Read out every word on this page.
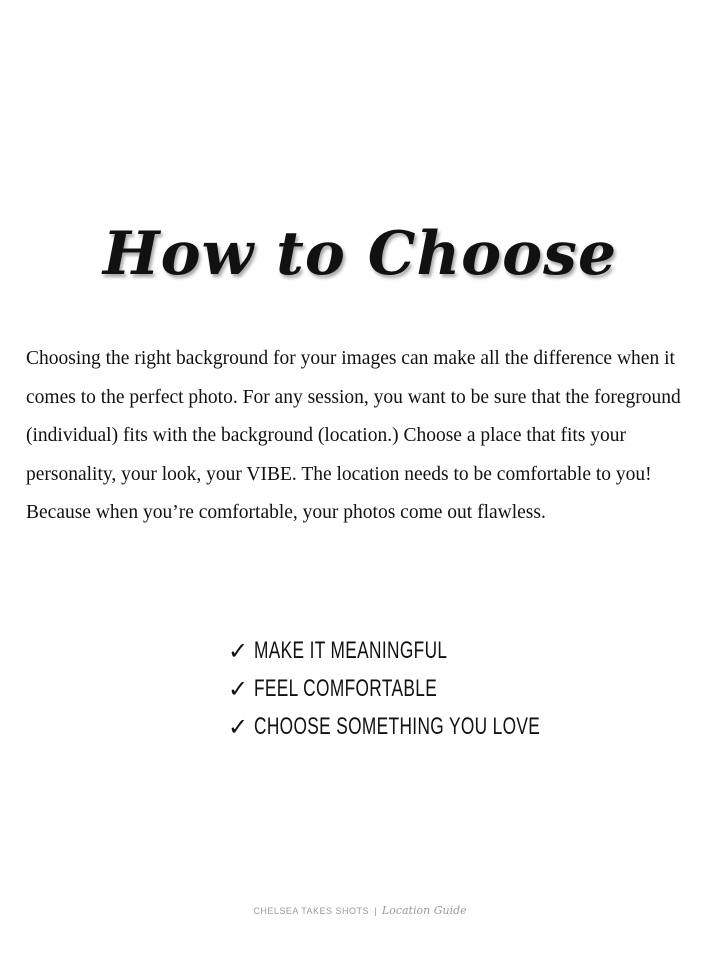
How to Choose

Choosing the right background for your images can make all the difference when it comes to the perfect photo. For any session, you want to be sure that the foreground (individual) fits with the background (location.) Choose a place that fits your personality, your look, your VIBE. The location needs to be comfortable to you! Because when you’re comfortable, your photos come out flawless.

✓ MAKE IT MEANINGFUL
✓ FEEL COMFORTABLE
✓ CHOOSE SOMETHING YOU LOVE
CHELSEA TAKES SHOTS | Location Guide
